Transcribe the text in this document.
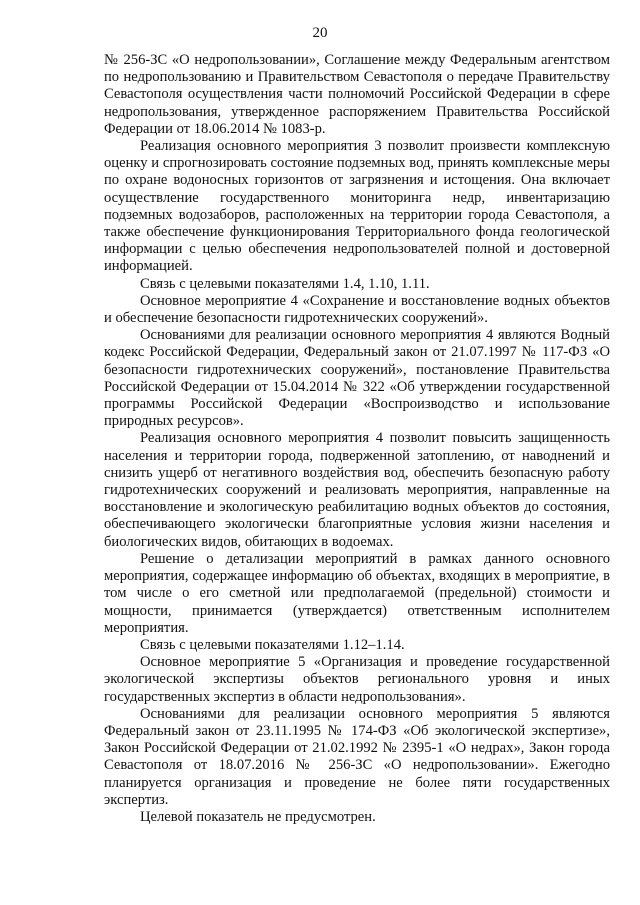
20

№ 256-ЗС «О недропользовании», Соглашение между Федеральным агентством по недропользованию и Правительством Севастополя о передаче Правительству Севастополя осуществления части полномочий Российской Федерации в сфере недропользования, утвержденное распоряжением Правительства Российской Федерации от 18.06.2014 № 1083-р.

Реализация основного мероприятия 3 позволит произвести комплексную оценку и спрогнозировать состояние подземных вод, принять комплексные меры по охране водоносных горизонтов от загрязнения и истощения. Она включает осуществление государственного мониторинга недр, инвентаризацию подземных водозаборов, расположенных на территории города Севастополя, а также обеспечение функционирования Территориального фонда геологической информации с целью обеспечения недропользователей полной и достоверной информацией.

Связь с целевыми показателями 1.4, 1.10, 1.11.

Основное мероприятие 4 «Сохранение и восстановление водных объектов и обеспечение безопасности гидротехнических сооружений».

Основаниями для реализации основного мероприятия 4 являются Водный кодекс Российской Федерации, Федеральный закон от 21.07.1997 № 117-ФЗ «О безопасности гидротехнических сооружений», постановление Правительства Российской Федерации от 15.04.2014 № 322 «Об утверждении государственной программы Российской Федерации «Воспроизводство и использование природных ресурсов».

Реализация основного мероприятия 4 позволит повысить защищенность населения и территории города, подверженной затоплению, от наводнений и снизить ущерб от негативного воздействия вод, обеспечить безопасную работу гидротехнических сооружений и реализовать мероприятия, направленные на восстановление и экологическую реабилитацию водных объектов до состояния, обеспечивающего экологически благоприятные условия жизни населения и биологических видов, обитающих в водоемах.

Решение о детализации мероприятий в рамках данного основного мероприятия, содержащее информацию об объектах, входящих в мероприятие, в том числе о его сметной или предполагаемой (предельной) стоимости и мощности, принимается (утверждается) ответственным исполнителем мероприятия.

Связь с целевыми показателями 1.12–1.14.

Основное мероприятие 5 «Организация и проведение государственной экологической экспертизы объектов регионального уровня и иных государственных экспертиз в области недропользования».

Основаниями для реализации основного мероприятия 5 являются Федеральный закон от 23.11.1995 № 174-ФЗ «Об экологической экспертизе», Закон Российской Федерации от 21.02.1992 № 2395-1 «О недрах», Закон города Севастополя от 18.07.2016 № 256-ЗС «О недропользовании». Ежегодно планируется организация и проведение не более пяти государственных экспертиз.

Целевой показатель не предусмотрен.
